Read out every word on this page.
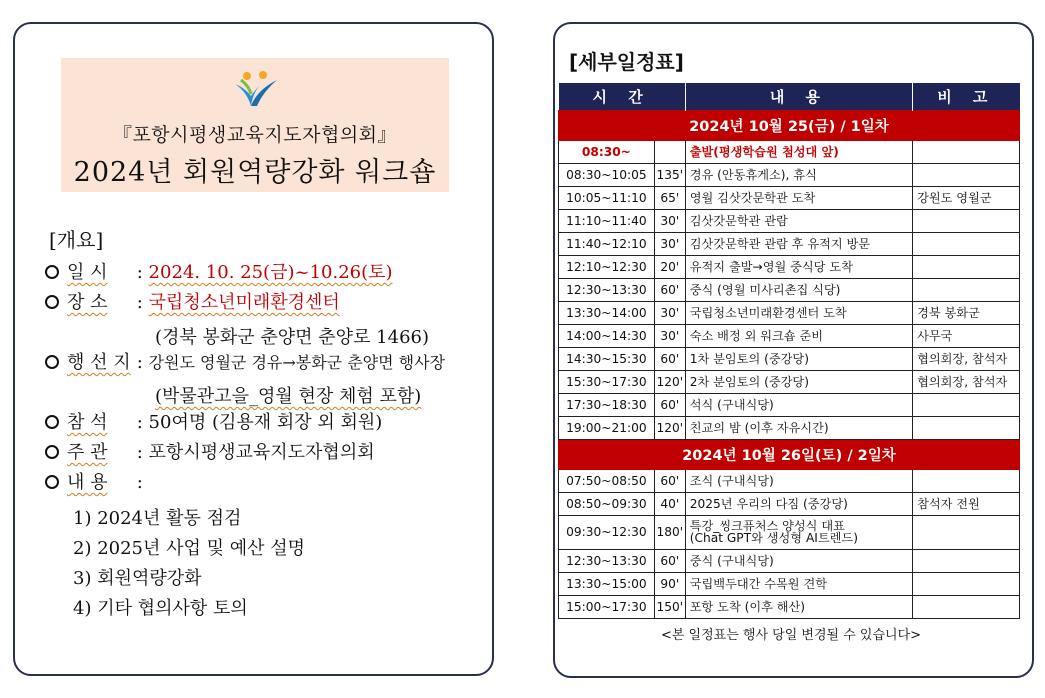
『포항시평생교육지도자협의회』
2024년 회원역량강화 워크숍
[개요]
일 시 : 2024. 10. 25(금)~10.26(토)
장 소 : 국립청소년미래환경센터
(경북 봉화군 춘양면 춘양로 1466)
행 선 지 : 강원도 영월군 경유→봉화군 춘양면 행사장
(박물관고을_영월 현장 체험 포함)
참 석 : 50여명 (김용재 회장 외 회원)
주 관 : 포항시평생교육지도자협의회
내 용 :
1) 2024년 활동 점검
2) 2025년 사업 및 예산 설명
3) 회원역량강화
4) 기타 협의사항 토의
[세부일정표]
시 간		내 용	비 고
2024년 10월 25(금) / 1일차			
08:30~		출발(평생학습원 첨성대 앞)	
08:30~10:05	135'	경유 (안동휴게소), 휴식	
10:05~11:10	65'	영월 김삿갓문학관 도착	강원도 영월군
11:10~11:40	30'	김삿갓문학관 관람	
11:40~12:10	30'	김삿갓문학관 관람 후 유적지 방문	
12:10~12:30	20'	유적지 출발→영월 중식당 도착	
12:30~13:30	60'	중식 (영월 미사리촌집 식당)	
13:30~14:00	30'	국립청소년미래환경센터 도착	경북 봉화군
14:00~14:30	30'	숙소 배정 외 워크숍 준비	사무국
14:30~15:30	60'	1차 분임토의 (중강당)	협의회장, 참석자
15:30~17:30	120'	2차 분임토의 (중강당)	협의회장, 참석자
17:30~18:30	60'	석식 (구내식당)	
19:00~21:00	120'	친교의 밤 (이후 자유시간)	
2024년 10월 26일(토) / 2일차			
07:50~08:50	60'	조식 (구내식당)	
08:50~09:30	40'	2025년 우리의 다짐 (중강당)	참석자 전원
09:30~12:30	180'	특강_씽크퓨처스 양성식 대표
(Chat GPT와 생성형 AI트렌드)	
12:30~13:30	60'	중식 (구내식당)	
13:30~15:00	90'	국립백두대간 수목원 견학	
15:00~17:30	150'	포항 도착 (이후 해산)	
<본 일정표는 행사 당일 변경될 수 있습니다>
